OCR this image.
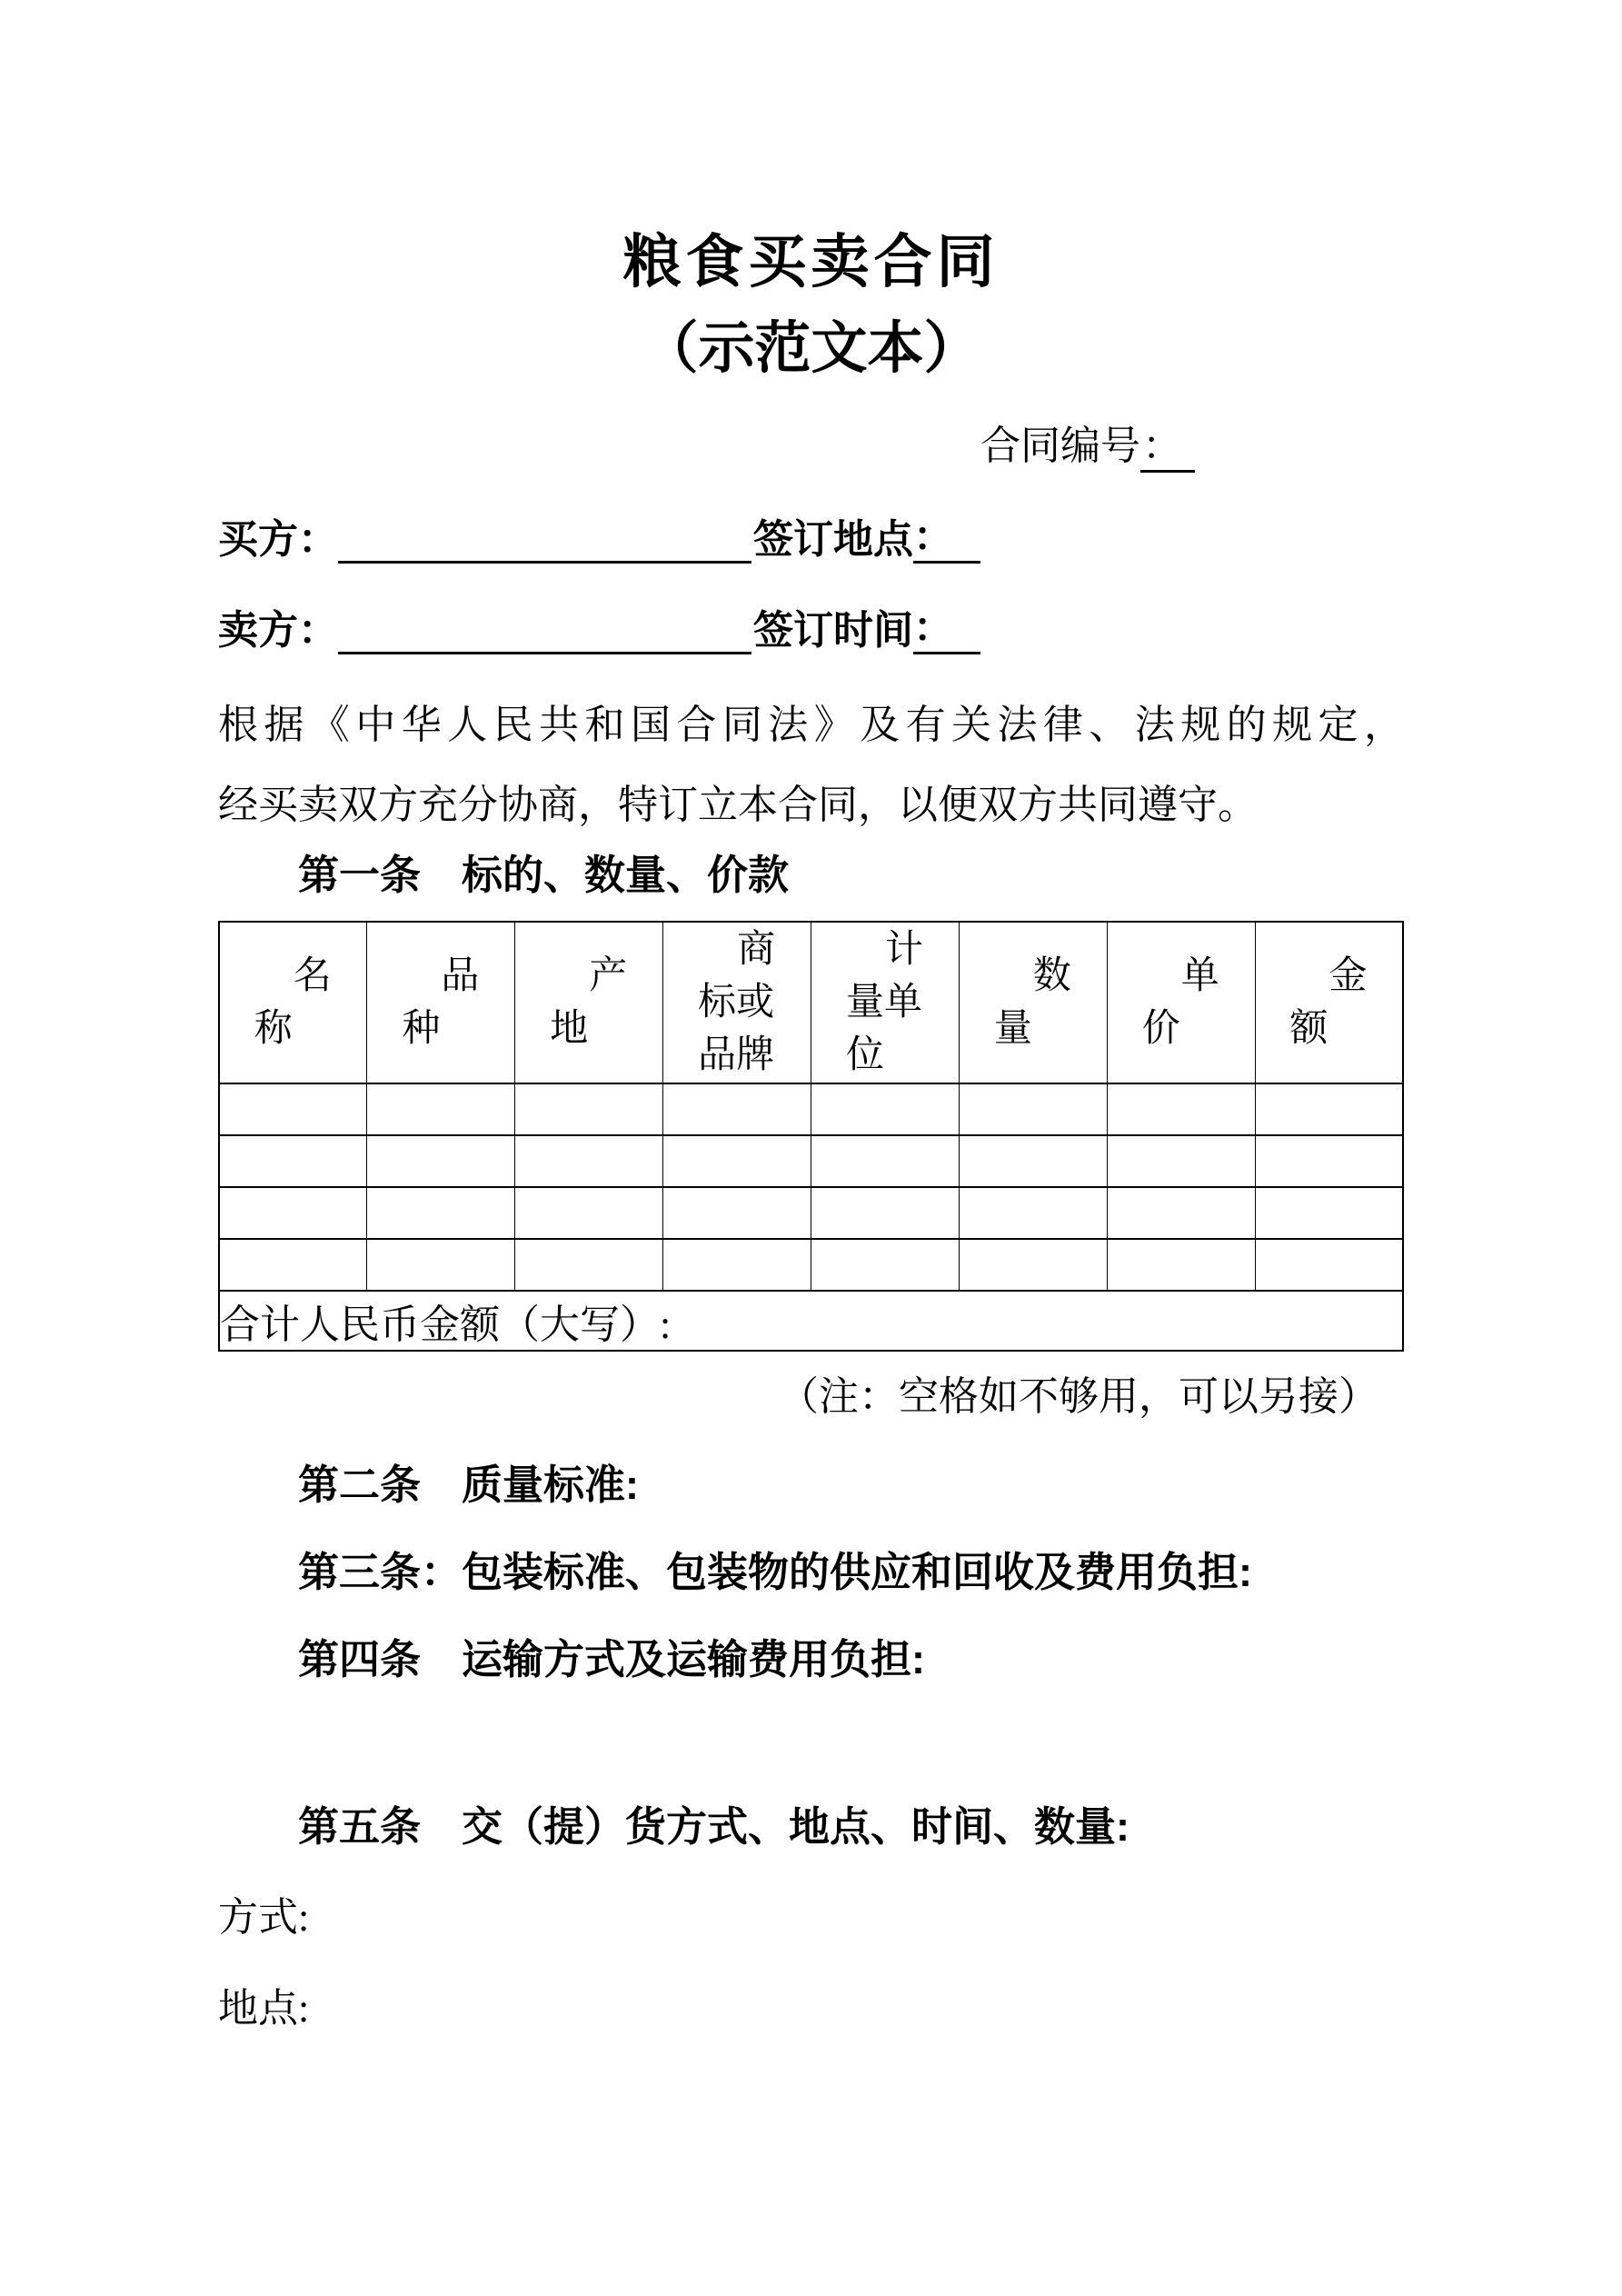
粮食买卖合同
（示范文本）
合同编号：
买方：	签订地点 ：
卖方：	签订时间 ：
根据《中华人民共和国合同法》及有关法律、法规的规定，
经买卖双方充分协商，特订立本合同，以便双方共同遵守。
第一条　标的、数量、价款
名称	品种	产地	商标或品牌	计量单位	数量	单价	金额

合计人民币金额（大写）:							
（注：空格如不够用，可以另接）
第二条　质量标准:
第三条：包装标准、包装物的供应和回收及费用负担:
第四条　运输方式及运输费用负担:
第五条　交（提）货方式、地点、时间、数量:
方式:
地点:
